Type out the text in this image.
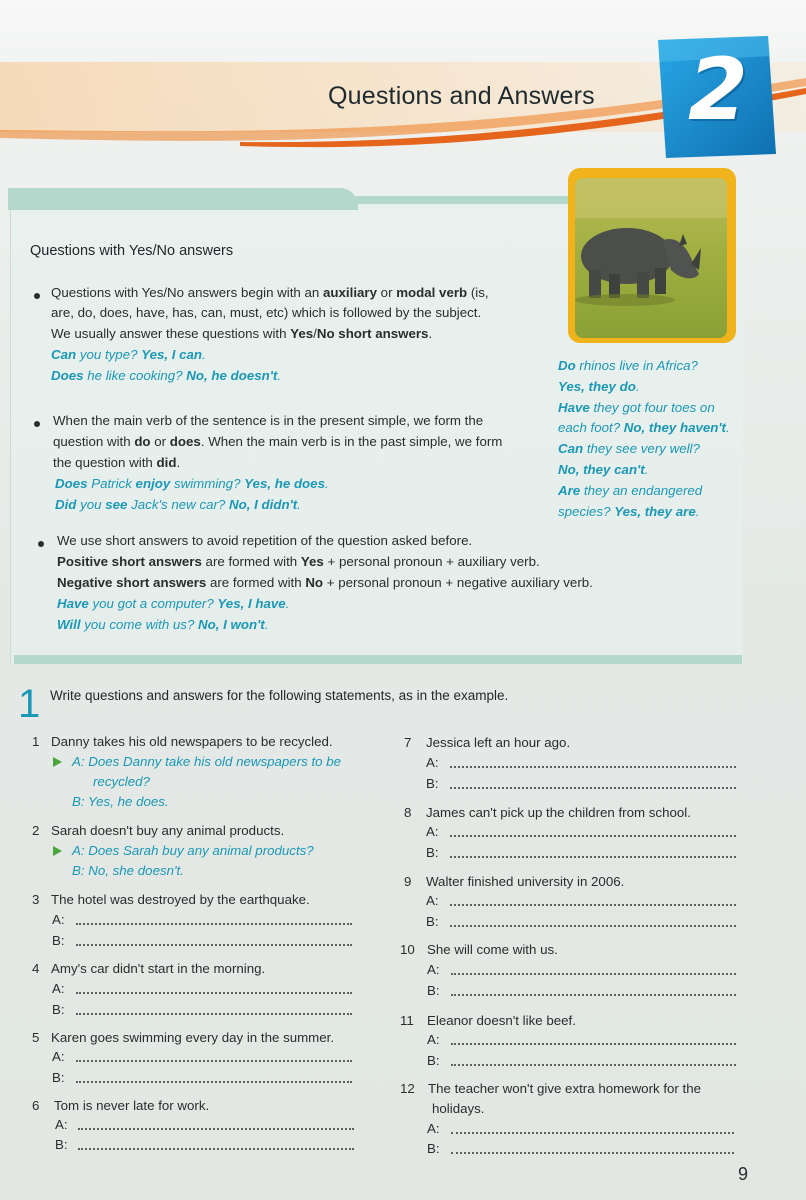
Questions and Answers 2
Questions with Yes/No answers
Questions with Yes/No answers begin with an auxiliary or modal verb (is,
are, do, does, have, has, can, must, etc) which is followed by the subject.
We usually answer these questions with Yes/No short answers.
Can you type? Yes, I can.
Does he like cooking? No, he doesn't.
When the main verb of the sentence is in the present simple, we form the
question with do or does. When the main verb is in the past simple, we form
the question with did.
Does Patrick enjoy swimming? Yes, he does.
Did you see Jack's new car? No, I didn't.
Do rhinos live in Africa?
Yes, they do.
Have they got four toes on
each foot? No, they haven't.
Can they see very well?
No, they can't.
Are they an endangered
species? Yes, they are.
We use short answers to avoid repetition of the question asked before.
Positive short answers are formed with Yes + personal pronoun + auxiliary verb.
Negative short answers are formed with No + personal pronoun + negative auxiliary verb.
Have you got a computer? Yes, I have.
Will you come with us? No, I won't.
1 Write questions and answers for the following statements, as in the example.
1 Danny takes his old newspapers to be recycled.
A: Does Danny take his old newspapers to be
recycled?
B: Yes, he does.
2 Sarah doesn't buy any animal products.
A: Does Sarah buy any animal products?
B: No, she doesn't.
3 The hotel was destroyed by the earthquake.
A:
B:
4 Amy's car didn't start in the morning.
A:
B:
5 Karen goes swimming every day in the summer.
A:
B:
6	Tom is never late for work.
A:
B:
7	Jessica left an hour ago.
A:
B:
8	James can't pick up the children from school.
A:
B:
9	Walter finished university in 2006.
A:
B:
10 She will come with us.
A:
B:
11 Eleanor doesn't like beef.
A:
B:
12 The teacher won't give extra homework for the
holidays.
A:
B:
9
